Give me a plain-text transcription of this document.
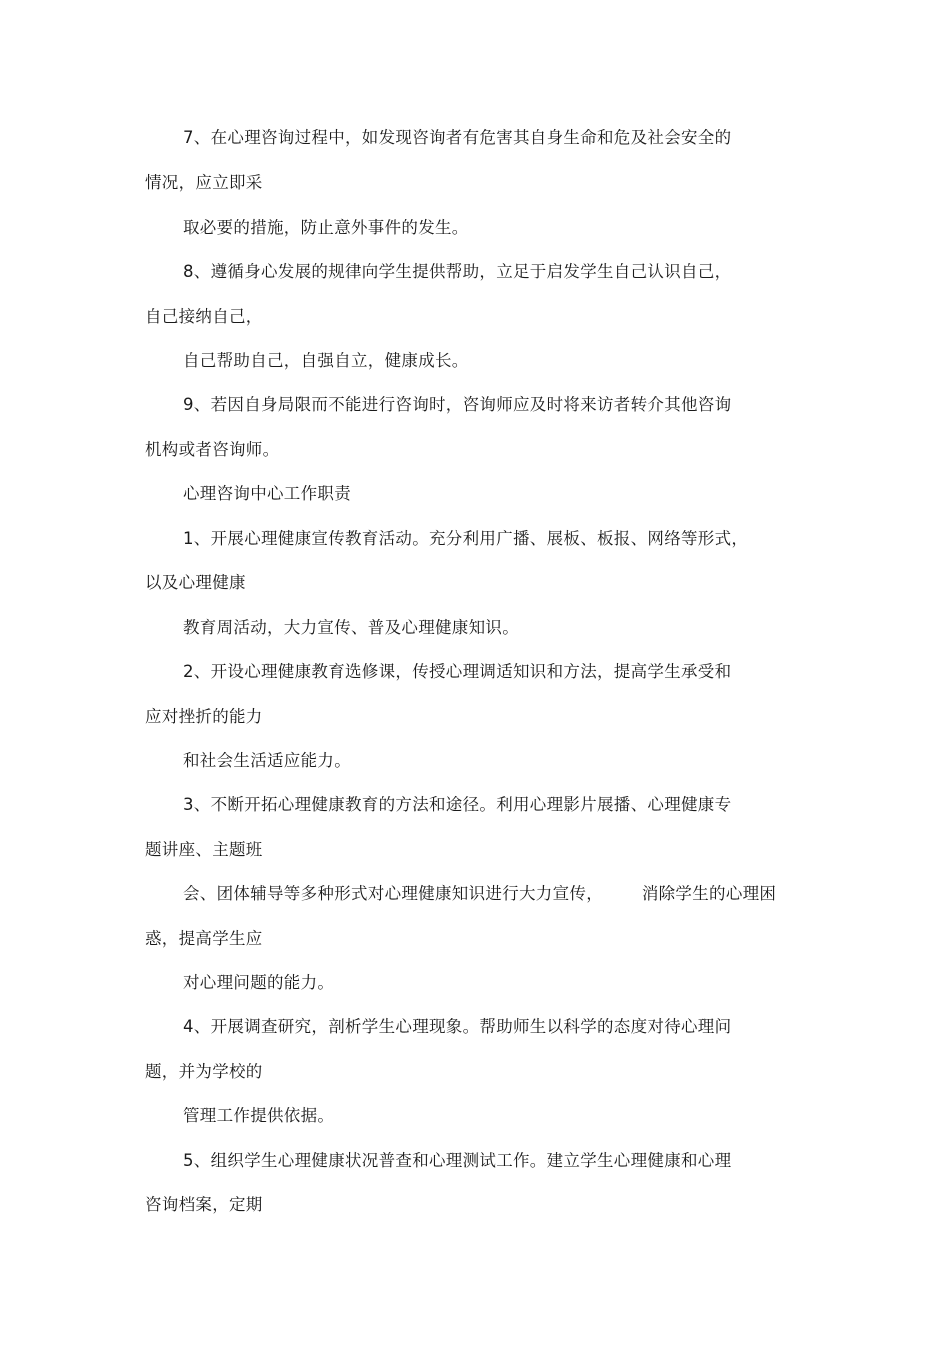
7、在心理咨询过程中，如发现咨询者有危害其自身生命和危及社会安全的
情况，应立即采
取必要的措施，防止意外事件的发生。
8、遵循身心发展的规律向学生提供帮助，立足于启发学生自己认识自己，
自己接纳自己，
自己帮助自己，自强自立，健康成长。
9、若因自身局限而不能进行咨询时，咨询师应及时将来访者转介其他咨询
机构或者咨询师。
心理咨询中心工作职责
1、开展心理健康宣传教育活动。充分利用广播、展板、板报、网络等形式，
以及心理健康
教育周活动，大力宣传、普及心理健康知识。
2、开设心理健康教育选修课，传授心理调适知识和方法，提高学生承受和
应对挫折的能力
和社会生活适应能力。
3、不断开拓心理健康教育的方法和途径。利用心理影片展播、心理健康专
题讲座、主题班
会、团体辅导等多种形式对心理健康知识进行大力宣传，       消除学生的心理困
惑，提高学生应
对心理问题的能力。
4、开展调查研究，剖析学生心理现象。帮助师生以科学的态度对待心理问
题，并为学校的
管理工作提供依据。
5、组织学生心理健康状况普查和心理测试工作。建立学生心理健康和心理
咨询档案，定期
